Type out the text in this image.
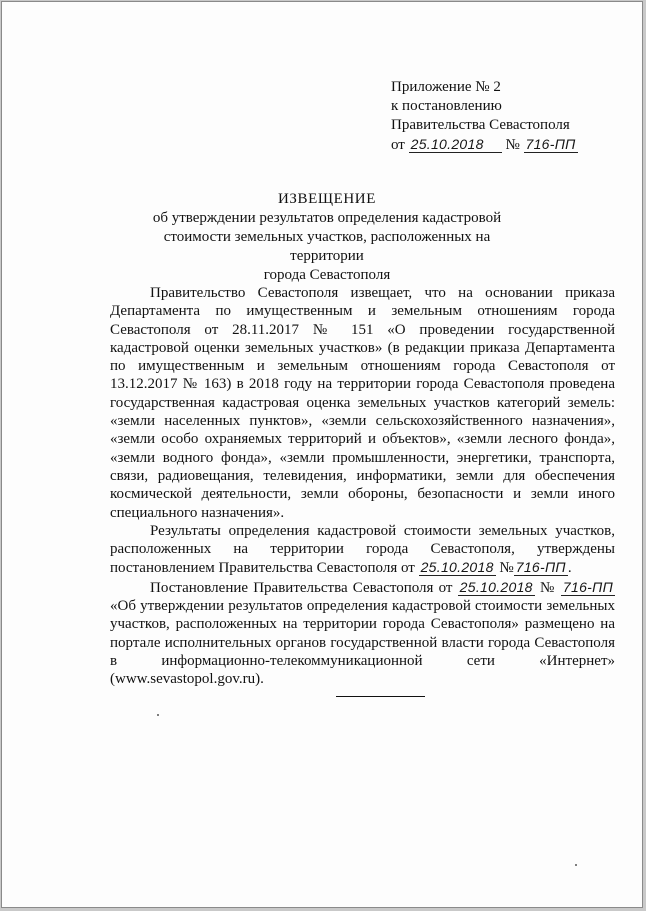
Приложение № 2
к постановлению
Правительства Севастополя
от 25.10.2018 № 716-ПП
ИЗВЕЩЕНИЕ
об утверждении результатов определения кадастровой
стоимости земельных участков, расположенных на территории
города Севастополя

Правительство Севастополя извещает, что на основании приказа Департамента по имущественным и земельным отношениям города Севастополя от 28.11.2017 № 151 «О проведении государственной кадастровой оценки земельных участков» (в редакции приказа Департамента по имущественным и земельным отношениям города Севастополя от 13.12.2017 № 163) в 2018 году на территории города Севастополя проведена государственная кадастровая оценка земельных участков категорий земель: «земли населенных пунктов», «земли сельскохозяйственного назначения», «земли особо охраняемых территорий и объектов», «земли лесного фонда», «земли водного фонда», «земли промышленности, энергетики, транспорта, связи, радиовещания, телевидения, информатики, земли для обеспечения космической деятельности, земли обороны, безопасности и земли иного специального назначения».

Результаты определения кадастровой стоимости земельных участков, расположенных на территории города Севастополя, утверждены постановлением Правительства Севастополя от 25.10.2018 № 716-ПП .

Постановление Правительства Севастополя от 25.10.2018 № 716-ПП «Об утверждении результатов определения кадастровой стоимости земельных участков, расположенных на территории города Севастополя» размещено на портале исполнительных органов государственной власти города Севастополя в информационно-телекоммуникационной сети «Интернет» (www.sevastopol.gov.ru).
